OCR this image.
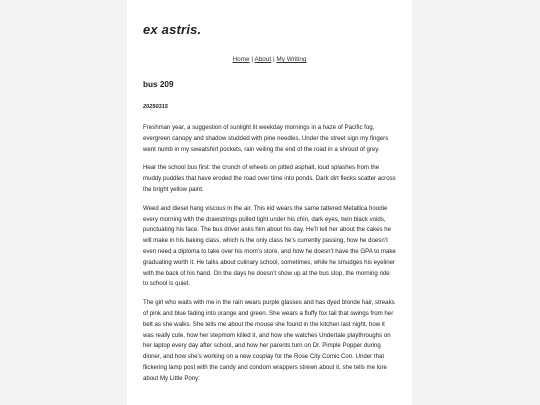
ex astris.
Home | About | My Writing
bus 209
20250315

Freshman year, a suggestion of sunlight lit weekday mornings in a haze of Pacific fog, evergreen canopy and shadow studded with pine needles. Under the street sign my fingers went numb in my sweatshirt pockets, rain veiling the end of the road in a shroud of grey.

Hear the school bus first: the crunch of wheels on pitted asphalt, loud splashes from the muddy puddles that have eroded the road over time into ponds. Dark dirt flecks scatter across the bright yellow paint.

Weed and diesel hang viscous in the air. This kid wears the same tattered Metallica hoodie every morning with the drawstrings pulled tight under his chin, dark eyes, twin black voids, punctuating his face. The bus driver asks him about his day. He’ll tell her about the cakes he will make in his baking class, which is the only class he’s currently passing, how he doesn’t even need a diploma to take over his mom’s store, and how he doesn’t have the GPA to make graduating worth it. He talks about culinary school, sometimes, while he smudges his eyeliner with the back of his hand. On the days he doesn’t show up at the bus stop, the morning ride to school is quiet.

The girl who waits with me in the rain wears purple glasses and has dyed blonde hair, streaks of pink and blue fading into orange and green. She wears a fluffy fox tail that swings from her belt as she walks. She tells me about the mouse she found in the kitchen last night, how it was really cute, how her stepmom killed it, and how she watches Undertale playthroughs on her laptop every day after school, and how her parents turn on Dr. Pimple Popper during dinner, and how she’s working on a new cosplay for the Rose City Comic Con. Under that flickering lamp post with the candy and condom wrappers strewn about it, she tells me lore about My Little Pony:
